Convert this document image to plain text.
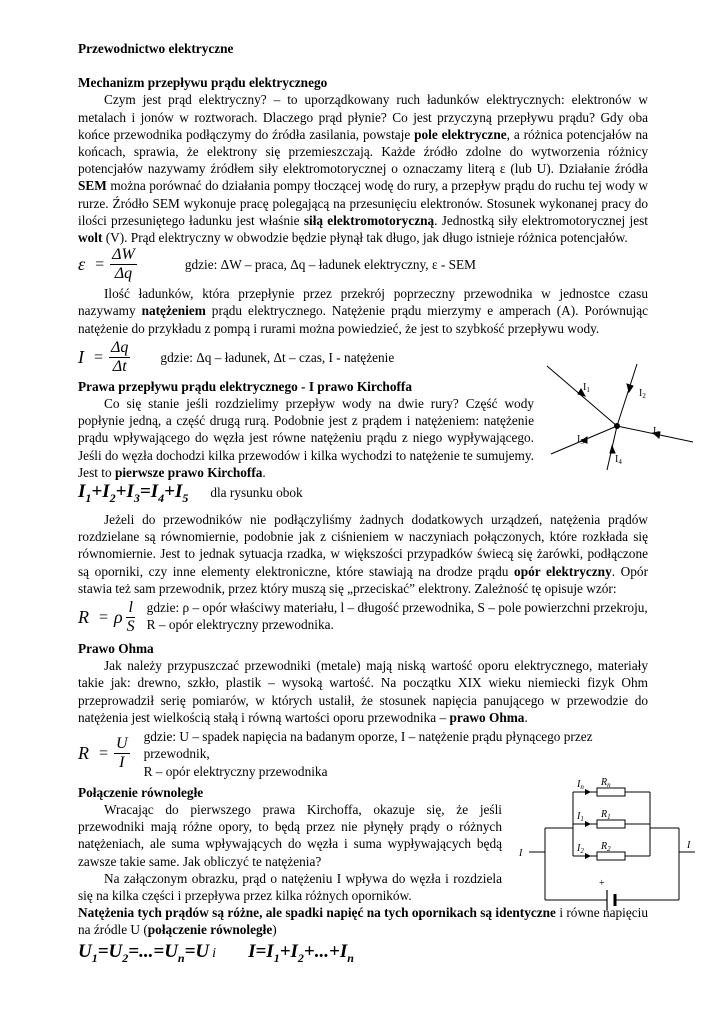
Przewodnictwo elektryczne

Mechanizm przepływu prądu elektrycznego

Czym jest prąd elektryczny? – to uporządkowany ruch ładunków elektrycznych: elektronów w metalach i jonów w roztworach. Dlaczego prąd płynie? Co jest przyczyną przepływu prądu? Gdy oba końce przewodnika podłączymy do źródła zasilania, powstaje pole elektryczne, a różnica potencjałów na końcach, sprawia, że elektrony się przemieszczają. Każde źródło zdolne do wytworzenia różnicy potencjałów nazywamy źródłem siły elektromotorycznej o oznaczamy literą ε (lub U). Działanie źródła SEM można porównać do działania pompy tłoczącej wodę do rury, a przepływ prądu do ruchu tej wody w rurze. Źródło SEM wykonuje pracę polegającą na przesunięciu elektronów. Stosunek wykonanej pracy do ilości przesuniętego ładunku jest właśnie siłą elektromotoryczną. Jednostką siły elektromotorycznej jest wolt (V). Prąd elektryczny w obwodzie będzie płynął tak długo, jak długo istnieje różnica potencjałów.

$\varepsilon = \frac{\Delta W}{\Delta q}$	gdzie: ΔW – praca, Δq – ładunek elektryczny, ε - SEM

Ilość ładunków, która przepłynie przez przekrój poprzeczny przewodnika w jednostce czasu nazywamy natężeniem prądu elektrycznego. Natężenie prądu mierzymy e amperach (A). Porównując natężenie do przykładu z pompą i rurami można powiedzieć, że jest to szybkość przepływu wody.

$I = \frac{\Delta q}{\Delta t}$ gdzie: Δq – ładunek, Δt – czas, I - natężenie

Prawa przepływu prądu elektrycznego - I prawo Kirchoffa

Co się stanie jeśli rozdzielimy przepływ wody na dwie rury? Część wody popłynie jedną, a część drugą rurą. Podobnie jest z prądem i natężeniem: natężenie prądu wpływającego do węzła jest równe natężeniu prądu z niego wypływającego. Jeśli do węzła dochodzi kilka przewodów i kilka wychodzi to natężenie te sumujemy. Jest to pierwsze prawo Kirchoffa.

$I_1+I_2+I_3=I_4+I_5$ dla rysunku obok

Jeżeli do przewodników nie podłączyliśmy żadnych dodatkowych urządzeń, natężenia prądów rozdzielane są równomiernie, podobnie jak z ciśnieniem w naczyniach połączonych, które rozkłada się równomiernie. Jest to jednak sytuacja rzadka, w większości przypadków świecą się żarówki, podłączone są oporniki, czy inne elementy elektroniczne, które stawiają na drodze prądu opór elektryczny. Opór stawia też sam przewodnik, przez który muszą się „przeciskać” elektrony. Zależność tę opisuje wzór:

R = ρ $\frac{l}{S}$ gdzie: ρ – opór właściwy materiału, l – długość przewodnika, S – pole powierzchni przekroju,
R – opór elektryczny przewodnika.

Prawo Ohma

Jak należy przypuszczać przewodniki (metale) mają niską wartość oporu elektrycznego, materiały takie jak: drewno, szkło, plastik – wysoką wartość. Na początku XIX wieku niemiecki fizyk Ohm przeprowadził serię pomiarów, w których ustalił, że stosunek napięcia panującego w przewodzie do natężenia jest wielkością stałą i równą wartości oporu przewodnika – prawo Ohma.

$R = \frac{U}{I}$ gdzie: U – spadek napięcia na badanym oporze, I – natężenie prądu płynącego przez przewodnik,
R – opór elektryczny przewodnika

Połączenie równoległe

Wracając do pierwszego prawa Kirchoffa, okazuje się, że jeśli przewodniki mają różne opory, to będą przez nie płynęły prądy o różnych natężeniach, ale suma wpływających do węzła i suma wypływających będą zawsze takie same. Jak obliczyć te natężenia?

Na załączonym obrazku, prąd o natężeniu I wpływa do węzła i rozdziela się na kilka części i przepływa przez kilka różnych oporników.

Natężenia tych prądów są różne, ale spadki napięć na tych opornikach są identyczne i równe napięciu na źródle U (połączenie równoległe)

$U_1=U_2=...=U_n=U$ i $I=I_1+I_2+...+I_n$
$I_1$	$I_2$
$I_3$
$I_4$
$I_5$
$I_n$ $R_n$
$I_1$ $R_1$
$I_2$ $R_2$
I
I
+
